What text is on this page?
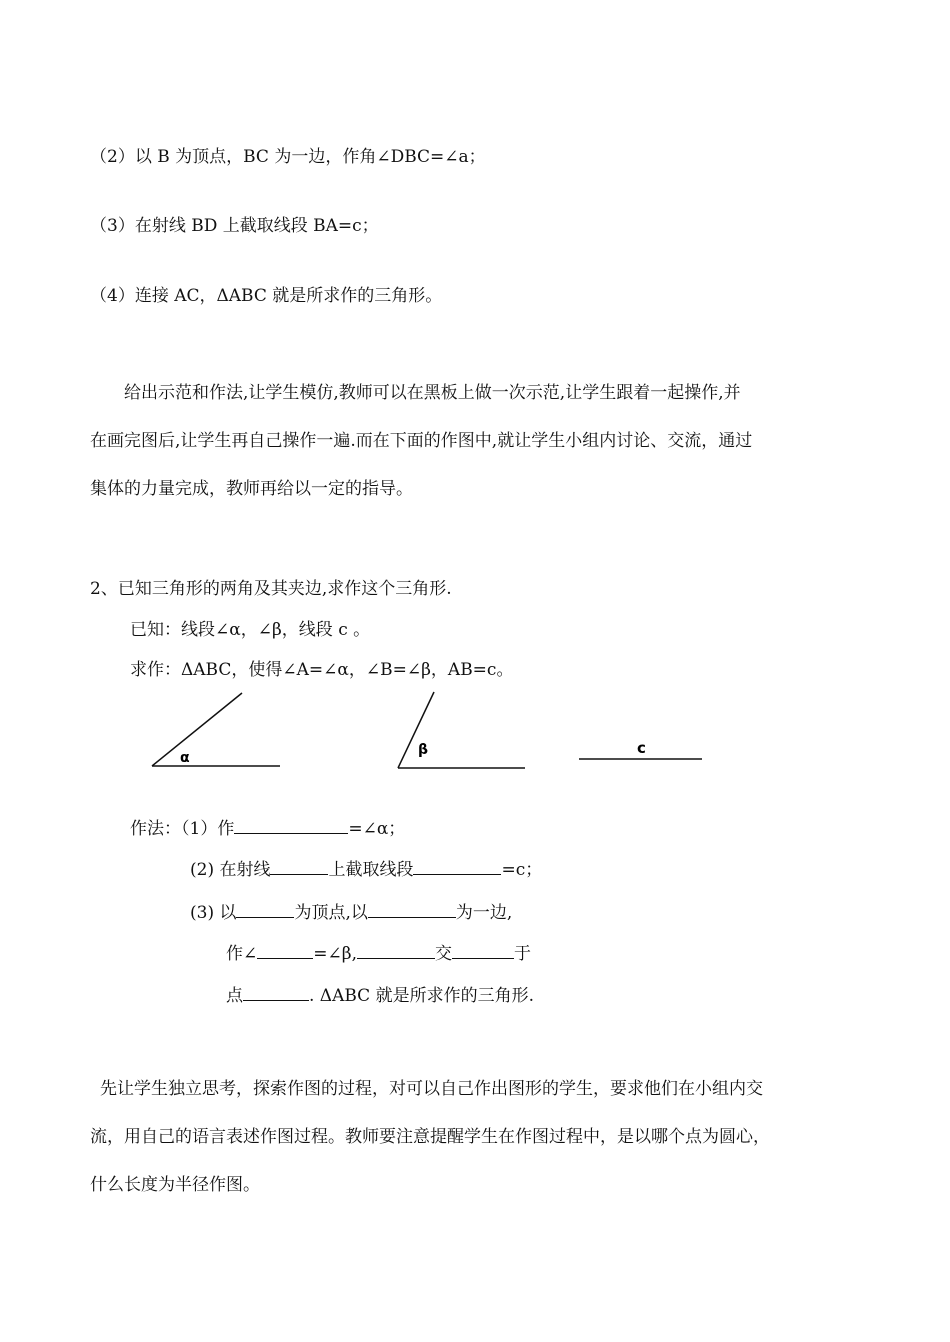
（2）以 B 为顶点，BC 为一边，作角∠DBC=∠a；
（3）在射线 BD 上截取线段 BA=c；
（4）连接 AC，ΔABC 就是所求作的三角形。
给出示范和作法,让学生模仿,教师可以在黑板上做一次示范,让学生跟着一起操作,并
在画完图后,让学生再自己操作一遍.而在下面的作图中,就让学生小组内讨论、交流，通过
集体的力量完成，教师再给以一定的指导。
2、已知三角形的两角及其夹边,求作这个三角形.
已知：线段∠α，∠β，线段 c 。
求作：ΔABC，使得∠A=∠α，∠B=∠β，AB=c。
α	β	c
作法：（1）作	=∠α；
(2) 在射线	上截取线段	=c；
(3) 以	为顶点,以	为一边,
作∠	=∠β,	交	于
点	. ΔABC 就是所求作的三角形.
先让学生独立思考，探索作图的过程，对可以自己作出图形的学生，要求他们在小组内交
流，用自己的语言表述作图过程。教师要注意提醒学生在作图过程中，是以哪个点为圆心，
什么长度为半径作图。
